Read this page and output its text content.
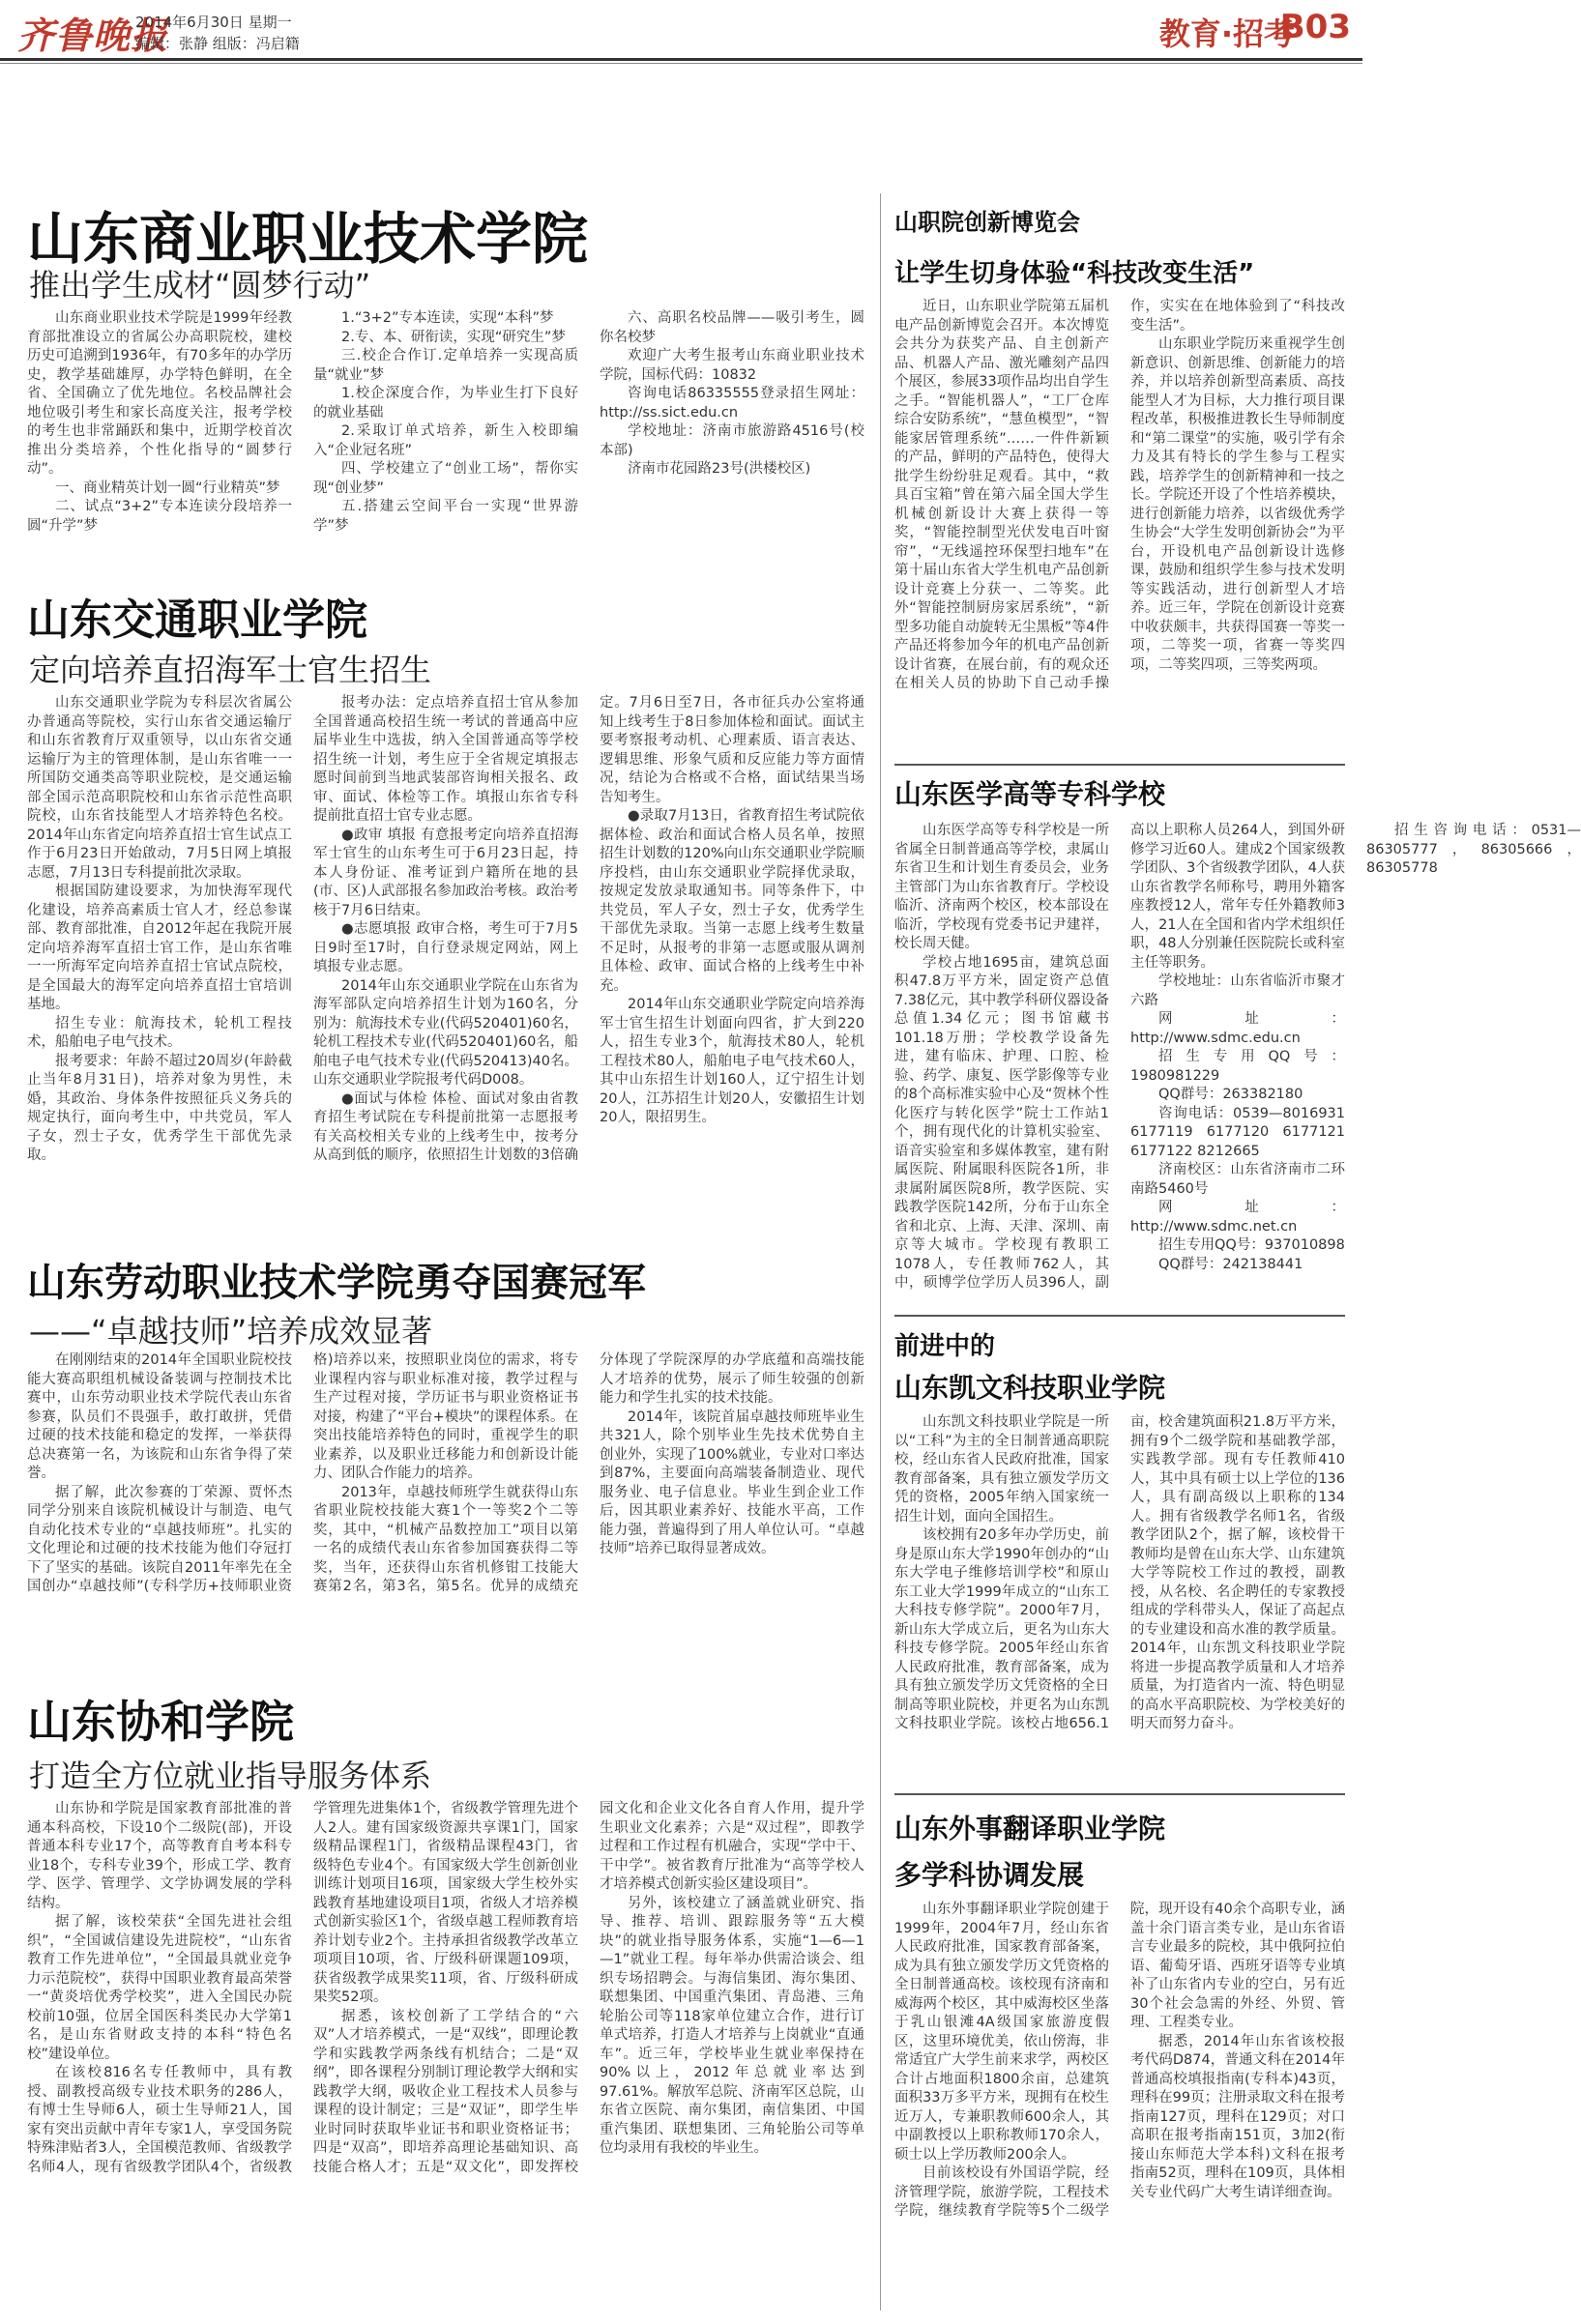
齐鲁晚报
2014年6月30日 星期一
编辑：张静 组版：冯启籍	教育·招考
B03
山东商业职业技术学院
推出学生成材“圆梦行动”

山东商业职业技术学院是1999年经教育部批准设立的省属公办高职院校，建校历史可追溯到1936年，有70多年的办学历史，教学基础雄厚，办学特色鲜明，在全省、全国确立了优先地位。名校品牌社会地位吸引考生和家长高度关注，报考学校的考生也非常踊跃和集中，近期学校首次推出分类培养，个性化指导的“圆梦行动”。

一、商业精英计划一圆“行业精英”梦

二、试点“3+2”专本连读分段培养一圆“升学”梦

1.“3+2”专本连读，实现“本科”梦

2.专、本、研衔读，实现“研究生”梦

三.校企合作订.定单培养一实现高质量“就业”梦

1.校企深度合作，为毕业生打下良好的就业基础

2.采取订单式培养，新生入校即编入“企业冠名班”

四、学校建立了“创业工场”，帮你实现“创业梦”

五.搭建云空间平台一实现“世界游学”梦

六、高职名校品牌——吸引考生，圆你名校梦

欢迎广大考生报考山东商业职业技术学院，国标代码：10832

咨询电话86335555登录招生网址：http://ss.sict.edu.cn

学校地址：济南市旅游路4516号(校本部)

济南市花园路23号(洪楼校区)

山东交通职业学院
定向培养直招海军士官生招生

山东交通职业学院为专科层次省属公办普通高等院校，实行山东省交通运输厅和山东省教育厅双重领导，以山东省交通运输厅为主的管理体制，是山东省唯一一所国防交通类高等职业院校，是交通运输部全国示范高职院校和山东省示范性高职院校，山东省技能型人才培养特色名校。2014年山东省定向培养直招士官生试点工作于6月23日开始啟动，7月5日网上填报志愿，7月13日专科提前批次录取。

根据国防建设要求，为加快海军现代化建设，培养高素质士官人才，经总参谋部、教育部批准，自2012年起在我院开展定向培养海军直招士官工作，是山东省唯一一所海军定向培养直招士官试点院校，是全国最大的海军定向培养直招士官培训基地。

招生专业：航海技术，轮机工程技术，船舶电子电气技术。

报考要求：年龄不超过20周岁(年龄截止当年8月31日)，培养对象为男性，未婚，其政治、身体条件按照征兵义务兵的规定执行，面向考生中，中共党员，军人子女，烈士子女，优秀学生干部优先录取。

报考办法：定点培养直招士官从参加全国普通高校招生统一考试的普通高中应届毕业生中选拔，纳入全国普通高等学校招生统一计划，考生应于全省规定填报志愿时间前到当地武装部咨询相关报名、政审、面试、体检等工作。填报山东省专科提前批直招士官专业志愿。

●政审 填报 有意报考定向培养直招海军士官生的山东考生可于6月23日起，持本人身份证、准考证到户籍所在地的县(市、区)人武部报名参加政治考核。政治考核于7月6日结束。

●志愿填报 政审合格，考生可于7月5日9时至17时，自行登录规定网站，网上填报专业志愿。

2014年山东交通职业学院在山东省为海军部队定向培养招生计划为160名，分别为：航海技术专业(代码520401)60名，轮机工程技术专业(代码520401)60名，船舶电子电气技术专业(代码520413)40名。山东交通职业学院报考代码D008。

●面试与体检 体检、面试对象由省教育招生考试院在专科提前批第一志愿报考有关高校相关专业的上线考生中，按考分从高到低的顺序，依照招生计划数的3倍确定。7月6日至7日，各市征兵办公室将通知上线考生于8日参加体检和面试。面试主要考察报考动机、心理素质、语言表达、逻辑思维、形象气质和反应能力等方面情况，结论为合格或不合格，面试结果当场告知考生。

●录取7月13日，省教育招生考试院依据体检、政治和面试合格人员名单，按照招生计划数的120%向山东交通职业学院顺序投档，由山东交通职业学院择优录取，按规定发放录取通知书。同等条件下，中共党员，军人子女，烈士子女，优秀学生干部优先录取。当第一志愿上线考生数量不足时，从报考的非第一志愿或服从调剂且体检、政审、面试合格的上线考生中补充。

2014年山东交通职业学院定向培养海军士官生招生计划面向四省，扩大到220人，招生专业3个，航海技术80人，轮机工程技术80人，船舶电子电气技术60人，其中山东招生计划160人，辽宁招生计划20人，江苏招生计划20人，安徽招生计划20人，限招男生。

山东劳动职业技术学院勇夺国赛冠军
——“卓越技师”培养成效显著

在刚刚结束的2014年全国职业院校技能大赛高职组机械设备装调与控制技术比赛中，山东劳动职业技术学院代表山东省参赛，队员们不畏强手，敢打敢拼，凭借过硬的技术技能和稳定的发挥，一举获得总决赛第一名，为该院和山东省争得了荣誉。

据了解，此次参赛的丁荣源、贾怀杰同学分别来自该院机械设计与制造、电气自动化技术专业的“卓越技师班”。扎实的文化理论和过硬的技术技能为他们夺冠打下了坚实的基础。该院自2011年率先在全国创办“卓越技师”(专科学历+技师职业资格)培养以来，按照职业岗位的需求，将专业课程内容与职业标准对接，教学过程与生产过程对接，学历证书与职业资格证书对接，构建了“平台+模块”的课程体系。在突出技能培养特色的同时，重视学生的职业素养，以及职业迁移能力和创新设计能力、团队合作能力的培养。

2013年，卓越技师班学生就获得山东省职业院校技能大赛1个一等奖2个二等奖，其中，“机械产品数控加工”项目以第一名的成绩代表山东省参加国赛获得二等奖，当年，还获得山东省机修钳工技能大赛第2名，第3名，第5名。优异的成绩充分体现了学院深厚的办学底蕴和高端技能人才培养的优势，展示了师生较强的创新能力和学生扎实的技术技能。

2014年，该院首届卓越技师班毕业生共321人，除个别毕业生先技术优势自主创业外，实现了100%就业，专业对口率达到87%，主要面向高端装备制造业、现代服务业、电子信息业。毕业生到企业工作后，因其职业素养好、技能水平高，工作能力强，普遍得到了用人单位认可。“卓越技师”培养已取得显著成效。

山东协和学院
打造全方位就业指导服务体系

山东协和学院是国家教育部批准的普通本科高校，下设10个二级院(部)，开设普通本科专业17个，高等教育自考本科专业18个，专科专业39个，形成工学、教育学、医学、管理学、文学协调发展的学科结构。

据了解，该校荣获“全国先进社会组织”，“全国诚信建设先进院校”，“山东省教育工作先进单位”，“全国最具就业竞争力示范院校”，获得中国职业教育最高荣誉一“黄炎培优秀学校奖”，进入全国民办院校前10强，位居全国医科类民办大学第1名，是山东省财政支持的本科“特色名校”建设单位。

在该校816名专任教师中，具有教授、副教授高级专业技术职务的286人，有博士生导师6人，硕士生导师21人，国家有突出贡献中青年专家1人，享受国务院特殊津贴者3人，全国模范教师、省级教学名师4人，现有省级教学团队4个，省级教学管理先进集体1个，省级教学管理先进个人2人。建有国家级资源共享课1门，国家级精品课程1门，省级精品课程43门，省级特色专业4个。有国家级大学生创新创业训练计划项目16项，国家级大学生校外实践教育基地建设项目1项，省级人才培养模式创新实验区1个，省级卓越工程师教育培养计划专业2个。主持承担省级教学改革立项项目10项，省、厅级科研课题109项，获省级教学成果奖11项，省、厅级科研成果奖52项。

据悉，该校创新了工学结合的“六双”人才培养模式，一是“双线”，即理论教学和实践教学两条线有机结合；二是“双纲”，即各课程分别制订理论教学大纲和实践教学大纲，吸收企业工程技术人员参与课程的设计制定；三是“双证”，即学生毕业时同时获取毕业证书和职业资格证书；四是“双高”，即培养高理论基础知识、高技能合格人才；五是“双文化”，即发挥校园文化和企业文化各自育人作用，提升学生职业文化素养；六是“双过程”，即教学过程和工作过程有机融合，实现“学中干、干中学”。被省教育厅批准为“高等学校人才培养模式创新实验区建设项目”。

另外，该校建立了涵盖就业研究、指导、推荐、培训、跟踪服务等“五大模块”的就业指导服务体系，实施“1—6—1—1”就业工程。每年举办供需洽谈会、组织专场招聘会。与海信集团、海尔集团、联想集团、中国重汽集团、青岛港、三角轮胎公司等118家单位建立合作，进行订单式培养，打造人才培养与上岗就业“直通车”。近三年，学校毕业生就业率保持在90%以上，2012年总就业率达到97.61%。解放军总院、济南军区总院，山东省立医院、南尔集团，南信集团、中国重汽集团、联想集团、三角轮胎公司等单位均录用有我校的毕业生。

山职院创新博览会
让学生切身体验“科技改变生活”

近日，山东职业学院第五届机电产品创新博览会召开。本次博览会共分为获奖产品、自主创新产品、机器人产品、激光雕刻产品四个展区，参展33项作品均出自学生之手。“智能机器人”，“工厂仓库综合安防系统”，“慧鱼模型”，“智能家居管理系统”……一件件新颖的产品，鲜明的产品特色，使得大批学生纷纷驻足观看。其中，“救具百宝箱”曾在第六届全国大学生机械创新设计大赛上获得一等奖，“智能控制型光伏发电百叶窗帘”，“无线遥控环保型扫地车”在第十届山东省大学生机电产品创新设计竞赛上分获一、二等奖。此外“智能控制厨房家居系统”，“新型多功能自动旋转无尘黑板”等4件产品还将参加今年的机电产品创新设计省赛，在展台前，有的观众还在相关人员的协助下自己动手操作，实实在在地体验到了“科技改变生活”。

山东职业学院历来重视学生创新意识、创新思维、创新能力的培养，并以培养创新型高素质、高技能型人才为目标，大力推行项目课程改革，积极推进教长生导师制度和“第二课堂”的实施，吸引学有余力及其有特长的学生参与工程实践，培养学生的创新精神和一技之长。学院还开设了个性培养模块，进行创新能力培养，以省级优秀学生协会“大学生发明创新协会”为平台，开设机电产品创新设计选修课，鼓励和组织学生参与技术发明等实践活动，进行创新型人才培养。近三年，学院在创新设计竞赛中收获颇丰，共获得国赛一等奖一项，二等奖一项，省赛一等奖四项，二等奖四项，三等奖两项。

山东医学高等专科学校

山东医学高等专科学校是一所省属全日制普通高等学校，隶属山东省卫生和计划生育委员会，业务主管部门为山东省教育厅。学校设临沂、济南两个校区，校本部设在临沂，学校现有党委书记尹建祥，校长周天健。

学校占地1695亩，建筑总面积47.8万平方米，固定资产总值7.38亿元，其中教学科研仪器设备总值1.34亿元；图书馆藏书101.18万册；学校教学设备先进，建有临床、护理、口腔、检验、药学、康复、医学影像等专业的8个高标准实验中心及“贺林个性化医疗与转化医学”院士工作站1个，拥有现代化的计算机实验室、语音实验室和多媒体教室，建有附属医院、附属眼科医院各1所，非隶属附属医院8所，教学医院、实践教学医院142所，分布于山东全省和北京、上海、天津、深圳、南京等大城市。学校现有教职工1078人，专任教师762人，其中，硕博学位学历人员396人，副高以上职称人员264人，到国外研修学习近60人。建成2个国家级教学团队、3个省级教学团队，4人获山东省教学名师称号，聘用外籍客座教授12人，常年专任外籍教师3人，21人在全国和省内学术组织任职，48人分别兼任医院院长或科室主任等职务。

学校地址：山东省临沂市聚才六路

网址：http://www.sdmc.edu.cn

招生专用QQ号：1980981229

QQ群号：263382180

咨询电话：0539—8016931 6177119 6177120 6177121 6177122 8212665

济南校区：山东省济南市二环南路5460号

网址：http://www.sdmc.net.cn

招生专用QQ号：937010898

QQ群号：242138441

招生咨询电话：0531—86305777，86305666，86305778

前进中的
山东凯文科技职业学院

山东凯文科技职业学院是一所以“工科”为主的全日制普通高职院校，经山东省人民政府批准，国家教育部备案，具有独立颁发学历文凭的资格，2005年纳入国家统一招生计划，面向全国招生。

该校拥有20多年办学历史，前身是原山东大学1990年创办的“山东大学电子维修培训学校”和原山东工业大学1999年成立的“山东工大科技专修学院”。2000年7月，新山东大学成立后，更名为山东大科技专修学院。2005年经山东省人民政府批准，教育部备案，成为具有独立颁发学历文凭资格的全日制高等职业院校，并更名为山东凯文科技职业学院。该校占地656.1亩，校舍建筑面积21.8万平方米，拥有9个二级学院和基础教学部，实践教学部。现有专任教师410人，其中具有硕士以上学位的136人，具有副高级以上职称的134人。拥有省级教学名师1名，省级教学团队2个，据了解，该校骨干教师均是曾在山东大学、山东建筑大学等院校工作过的教授，副教授，从名校、名企聘任的专家教授组成的学科带头人，保证了高起点的专业建设和高水准的教学质量。2014年，山东凯文科技职业学院将进一步提高教学质量和人才培养质量，为打造省内一流、特色明显的高水平高职院校、为学校美好的明天而努力奋斗。

山东外事翻译职业学院
多学科协调发展

山东外事翻译职业学院创建于1999年，2004年7月，经山东省人民政府批准，国家教育部备案，成为具有独立颁发学历文凭资格的全日制普通高校。该校现有济南和威海两个校区，其中威海校区坐落于乳山银滩4A级国家旅游度假区，这里环境优美，依山傍海，非常适宜广大学生前来求学，两校区合计占地面积1800余亩，总建筑面积33万多平方米，现拥有在校生近万人，专兼职教师600余人，其中副教授以上职称教师170余人，硕士以上学历教师200余人。

目前该校设有外国语学院，经济管理学院，旅游学院，工程技术学院，继续教育学院等5个二级学院，现开设有40余个高职专业，涵盖十余门语言类专业，是山东省语言专业最多的院校，其中俄阿拉伯语、葡萄牙语、西班牙语等专业填补了山东省内专业的空白，另有近30个社会急需的外经、外贸、管理、工程类专业。

据悉，2014年山东省该校报考代码D874，普通文科在2014年普通高校填报指南(专科本)43页，理科在99页；注册录取文科在报考指南127页，理科在129页；对口高职在报考指南151页，3加2(衔接山东师范大学本科)文科在报考指南52页，理科在109页，具体相关专业代码广大考生请详细查询。
